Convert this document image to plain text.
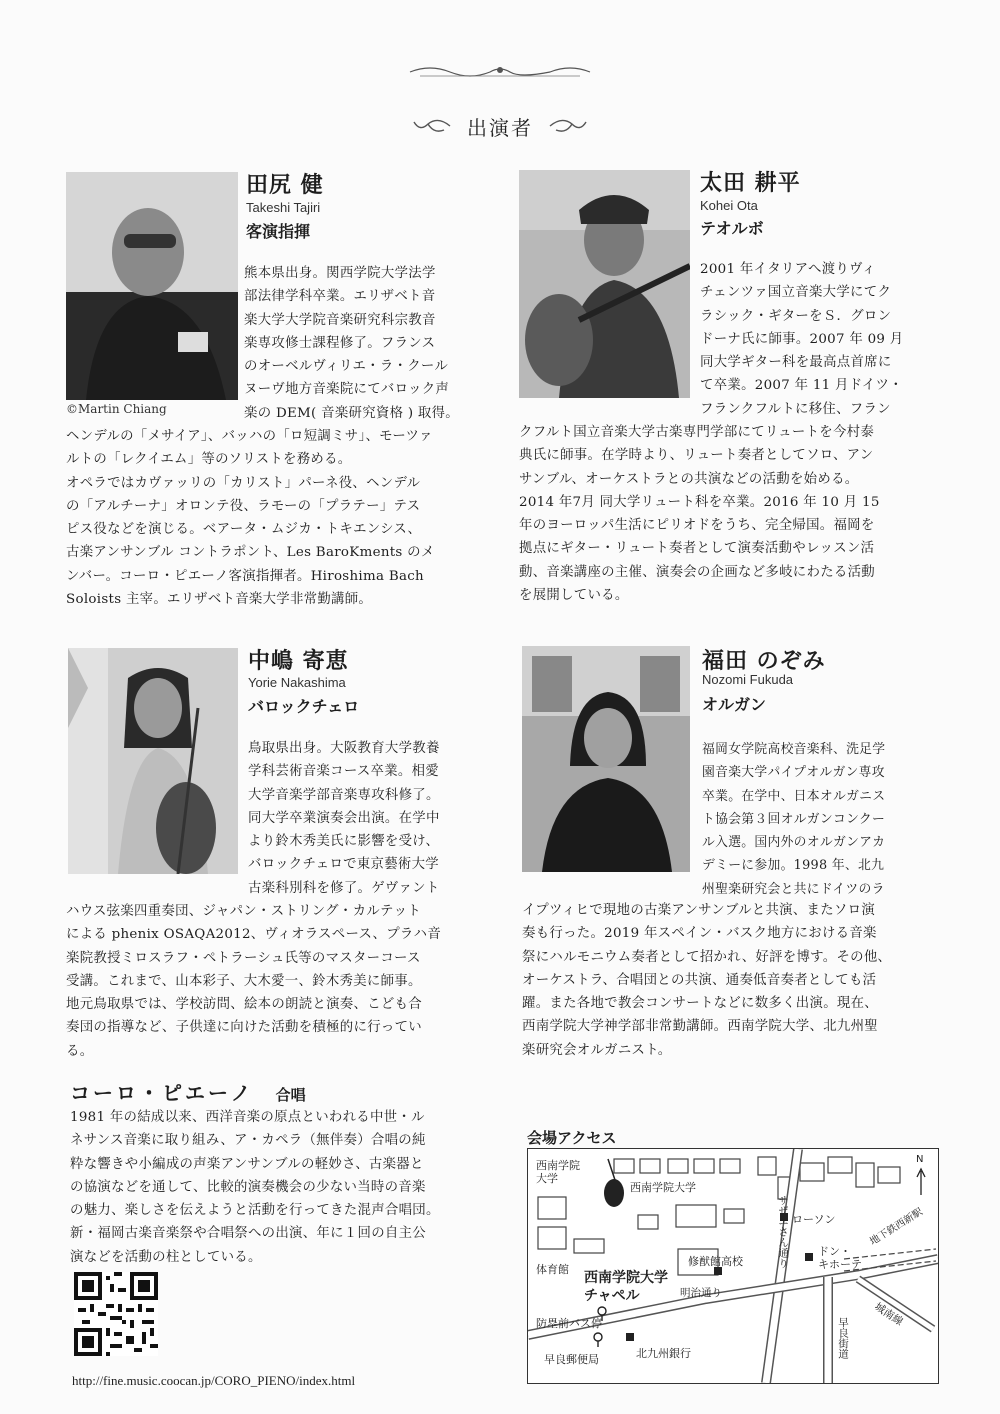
出演者
©Martin Chiang
田尻 健
Takeshi Tajiri
客演指揮

熊本県出身。関西学院大学法学

部法律学科卒業。エリザベト音

楽大学大学院音楽研究科宗教音

楽専攻修士課程修了。フランス

のオーベルヴィリエ・ラ・クール

ヌーヴ地方音楽院にてバロック声

楽の DEM( 音楽研究資格 ) 取得。

ヘンデルの「メサイア」、バッハの「ロ短調ミサ」、モーツァ

ルトの「レクイエム」等のソリストを務める。

オペラではカヴァッリの「カリスト」パーネ役、ヘンデル

の「アルチーナ」オロンテ役、ラモーの「プラテー」テス

ピス役などを演じる。ベアータ・ムジカ・トキエンシス、

古楽アンサンブル コントラポント、Les BaroKments のメ

ンバー。コーロ・ピエーノ客演指揮者。Hiroshima Bach

Soloists 主宰。エリザベト音楽大学非常勤講師。

太田 耕平
Kohei Ota
テオルボ

2001 年イタリアへ渡りヴィ

チェンツァ国立音楽大学にてク

ラシック・ギターをＳ．グロン

ドーナ氏に師事。2007 年 09 月

同大学ギター科を最高点首席に

て卒業。2007 年 11 月ドイツ・

フランクフルトに移住、フラン

クフルト国立音楽大学古楽専門学部にてリュートを今村泰

典氏に師事。在学時より、リュート奏者としてソロ、アン

サンブル、オーケストラとの共演などの活動を始める。

2014 年7月 同大学リュート科を卒業。2016 年 10 月 15

年のヨーロッパ生活にピリオドをうち、完全帰国。福岡を

拠点にギター・リュート奏者として演奏活動やレッスン活

動、音楽講座の主催、演奏会の企画など多岐にわたる活動

を展開している。

中嶋 寄恵
Yorie Nakashima
バロックチェロ

鳥取県出身。大阪教育大学教養

学科芸術音楽コース卒業。相愛

大学音楽学部音楽専攻科修了。

同大学卒業演奏会出演。在学中

より鈴木秀美氏に影響を受け、

バロックチェロで東京藝術大学

古楽科別科を修了。ゲヴァント

ハウス弦楽四重奏団、ジャパン・ストリング・カルテット

による phenix OSAQA2012、ヴィオラスペース、プラハ音

楽院教授ミロスラフ・ペトラーシュ氏等のマスターコース

受講。これまで、山本彩子、大木愛一、鈴木秀美に師事。

地元鳥取県では、学校訪問、絵本の朗読と演奏、こども合

奏団の指導など、子供達に向けた活動を積極的に行ってい

る。

福田 のぞみ
Nozomi Fukuda
オルガン

福岡女学院高校音楽科、洗足学

園音楽大学パイプオルガン専攻

卒業。在学中、日本オルガニス

ト協会第３回オルガンコンクー

ル入選。国内外のオルガンアカ

デミーに参加。1998 年、北九

州聖楽研究会と共にドイツのラ

イプツィヒで現地の古楽アンサンブルと共演、またソロ演

奏も行った。2019 年スペイン・バスク地方における音楽

祭にハルモニウム奏者として招かれ、好評を博す。その他、

オーケストラ、合唱団との共演、通奏低音奏者としても活

躍。また各地で教会コンサートなどに数多く出演。現在、

西南学院大学神学部非常勤講師。西南学院大学、北九州聖

楽研究会オルガニスト。

コーロ・ピエーノ 合唱

1981 年の結成以来、西洋音楽の原点といわれる中世・ル

ネサンス音楽に取り組み、ア・カペラ（無伴奏）合唱の純

粋な響きや小編成の声楽アンサンブルの軽妙さ、古楽器と

の協演などを通して、比較的演奏機会の少ない当時の音楽

の魅力、楽しさを伝えようと活動を行ってきた混声合唱団。

新・福岡古楽音楽祭や合唱祭への出演、年に１回の自主公

演などを活動の柱としている。

http://fine.music.coocan.jp/CORO_PIENO/index.html
会場アクセス
西南学院
大学
西南学院大学
体育館
修猷館高校
西南学院大学
チャペル
サザエさん通り ローソン
ドン・
キホーテ
地下鉄西新駅
明治通り
防塁前バス停	城南線
早良街道
早良郵便局	北九州銀行
N
